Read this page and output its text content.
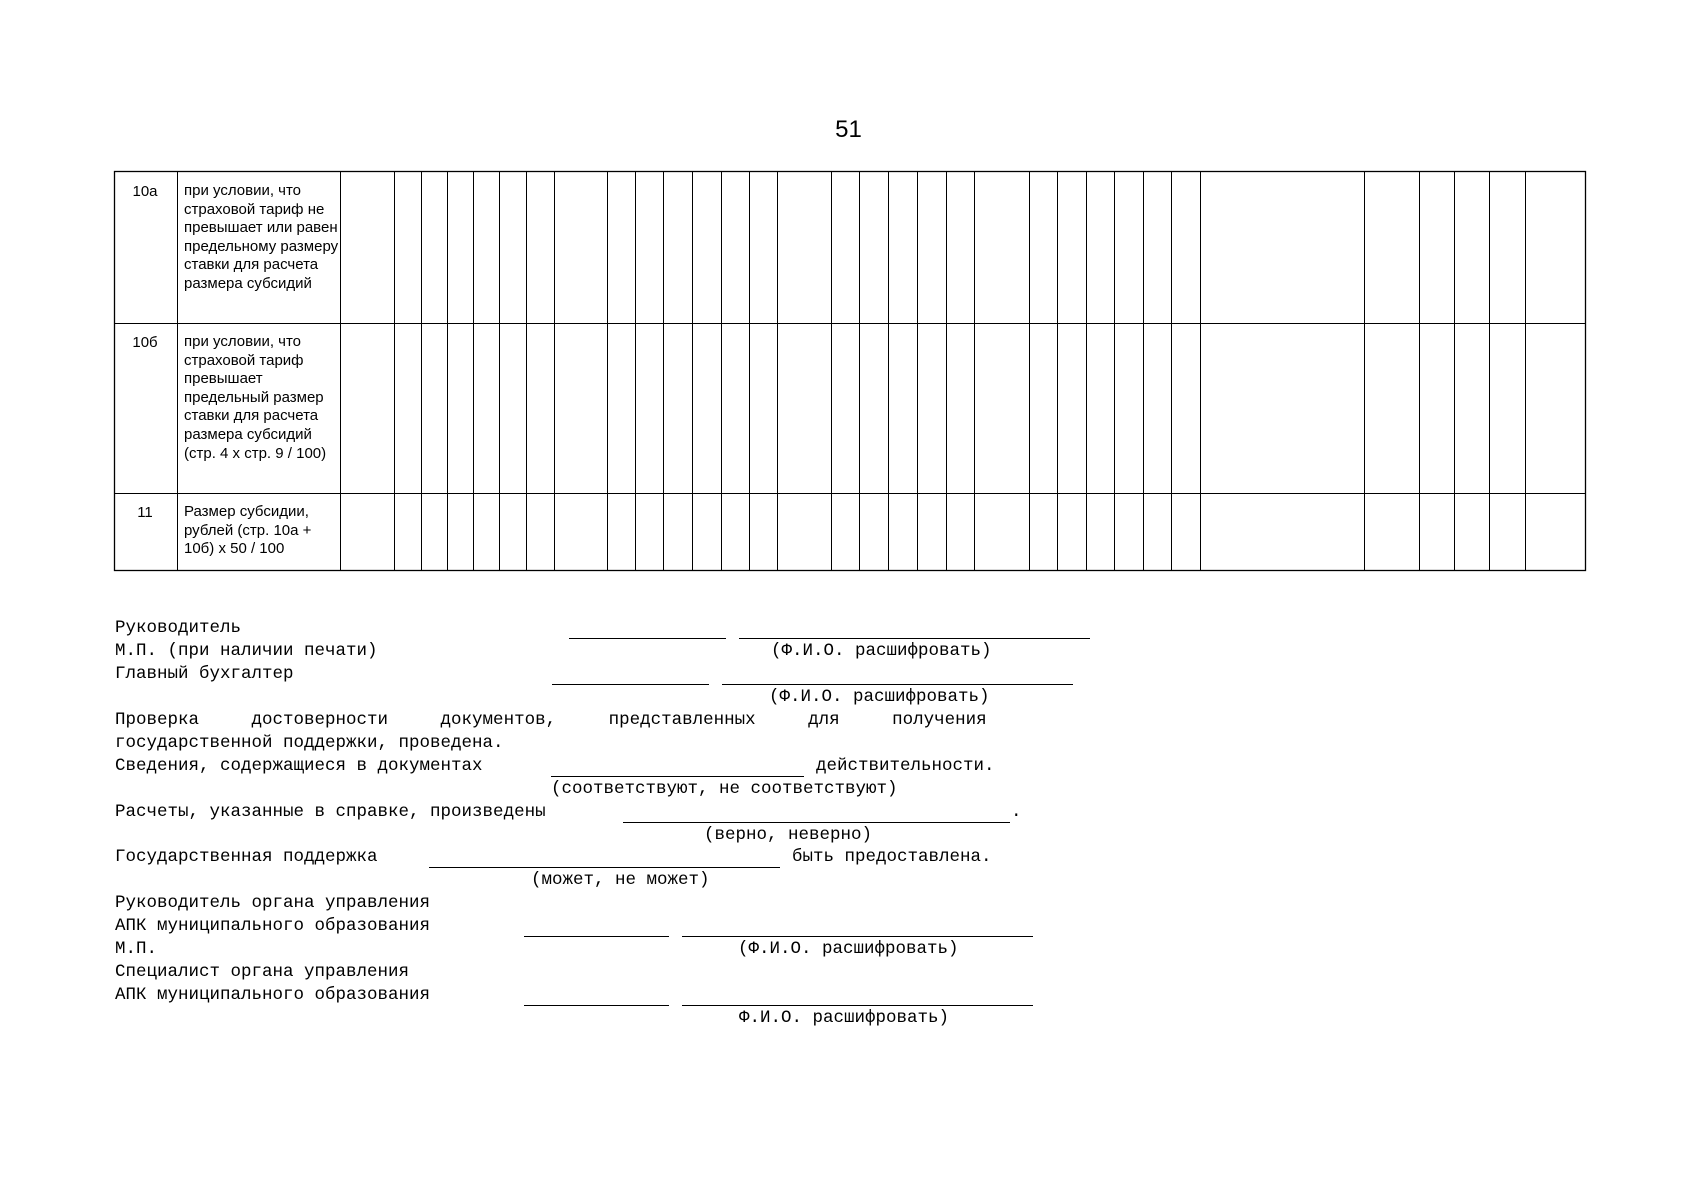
51
10а	при условии, что страховой тариф не превышает или равен предельному размеру ставки для расчета размера субсидий
10б	при условии, что страховой тариф превышает предельный размер ставки для расчета размера субсидий (стр. 4 x стр. 9 / 100)
11	Размер субсидии, рублей (стр. 10а + 10б) x 50 / 100
Руководитель
М.П. (при наличии печати)	(Ф.И.О. расшифровать)
Главный бухгалтер
(Ф.И.О. расшифровать)
Проверка     достоверности     документов,     представленных     для     получения
государственной поддержки, проведена.
Сведения, содержащиеся в документах	действительности.
(соответствуют, не соответствуют)
Расчеты, указанные в справке, произведены	.
(верно, неверно)
Государственная поддержка	быть предоставлена.
(может, не может)
Руководитель органа управления
АПК муниципального образования
М.П.	(Ф.И.О. расшифровать)
Специалист органа управления
АПК муниципального образования
Ф.И.О. расшифровать)
